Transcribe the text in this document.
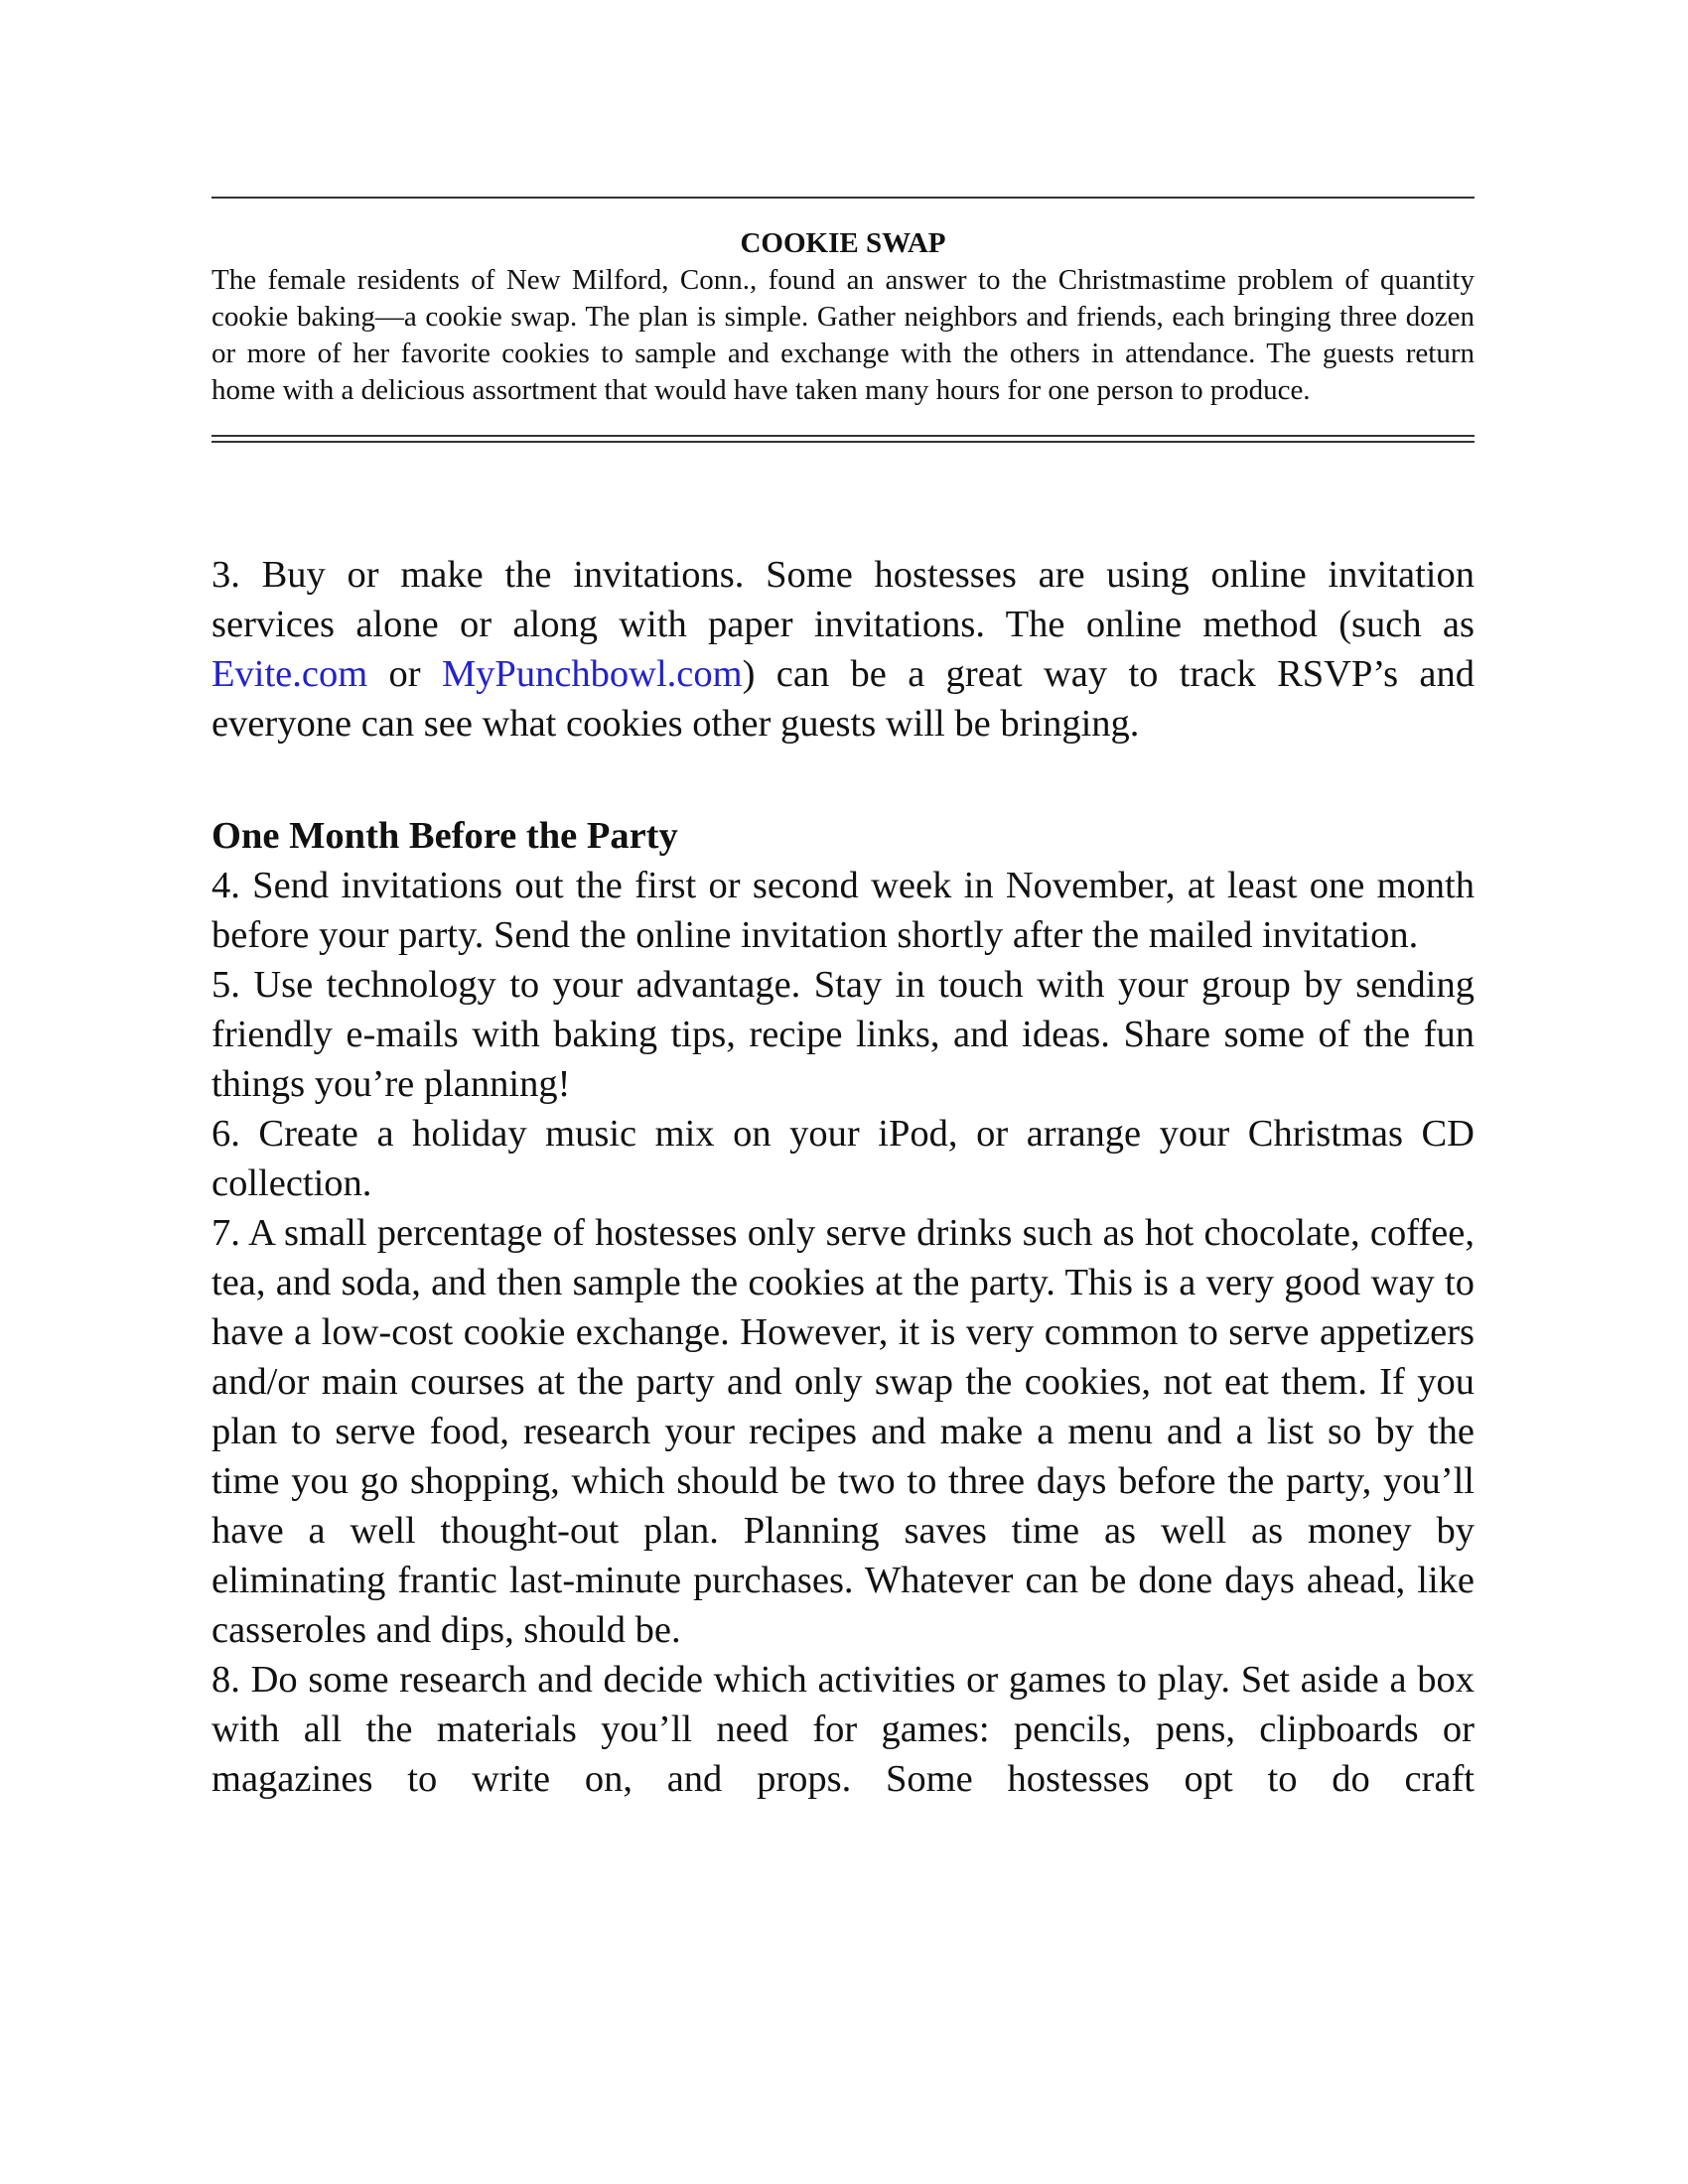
COOKIE SWAP

The female residents of New Milford, Conn., found an answer to the Christmastime problem of quantity cookie baking—a cookie swap. The plan is simple. Gather neighbors and friends, each bringing three dozen or more of her favorite cookies to sample and exchange with the others in attendance. The guests return home with a delicious assortment that would have taken many hours for one person to produce.

3. Buy or make the invitations. Some hostesses are using online invitation services alone or along with paper invitations. The online method (such as Evite.com or MyPunchbowl.com) can be a great way to track RSVP’s and everyone can see what cookies other guests will be bringing.

One Month Before the Party

4. Send invitations out the first or second week in November, at least one month before your party. Send the online invitation shortly after the mailed invitation.

5. Use technology to your advantage. Stay in touch with your group by sending friendly e-mails with baking tips, recipe links, and ideas. Share some of the fun things you’re planning!

6. Create a holiday music mix on your iPod, or arrange your Christmas CD collection.

7. A small percentage of hostesses only serve drinks such as hot chocolate, coffee, tea, and soda, and then sample the cookies at the party. This is a very good way to have a low-cost cookie exchange. However, it is very common to serve appetizers and/or main courses at the party and only swap the cookies, not eat them. If you plan to serve food, research your recipes and make a menu and a list so by the time you go shopping, which should be two to three days before the party, you’ll have a well thought-out plan. Planning saves time as well as money by eliminating frantic last-minute purchases. Whatever can be done days ahead, like casseroles and dips, should be.

8. Do some research and decide which activities or games to play. Set aside a box with all the materials you’ll need for games: pencils, pens, clipboards or magazines to write on, and props. Some hostesses opt to do craft
